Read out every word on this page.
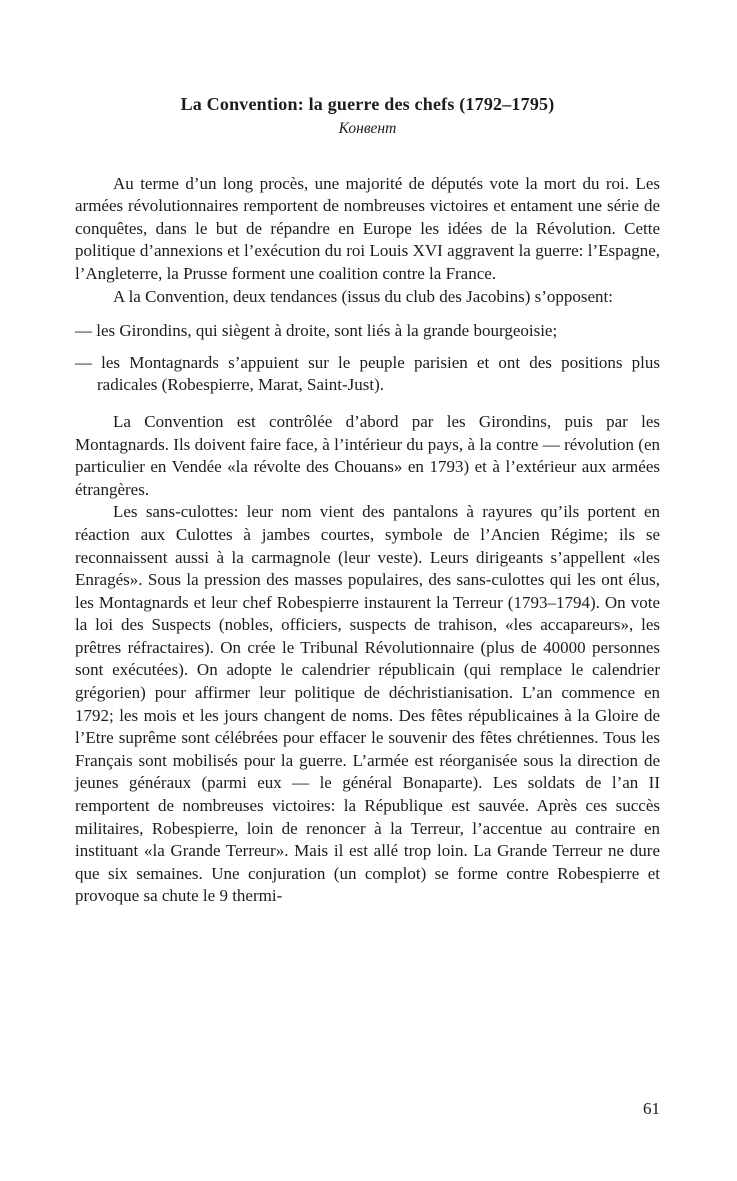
La Convention: la guerre des chefs (1792–1795)
Конвент

Au terme d’un long procès, une majorité de députés vote la mort du roi. Les armées révolutionnaires remportent de nombreuses victoires et entament une série de conquêtes, dans le but de répandre en Europe les idées de la Révolution. Cette politique d’annexions et l’exécution du roi Louis XVI aggravent la guerre: l’Espagne, l’Angleterre, la Prusse forment une coalition contre la France.

A la Convention, deux tendances (issus du club des Jacobins) s’opposent:

— les Girondins, qui siègent à droite, sont liés à la grande bourgeoisie;

— les Montagnards s’appuient sur le peuple parisien et ont des positions plus radicales (Robespierre, Marat, Saint-Just).

La Convention est contrôlée d’abord par les Girondins, puis par les Montagnards. Ils doivent faire face, à l’intérieur du pays, à la contre — révolution (en particulier en Vendée «la révolte des Chouans» en 1793) et à l’extérieur aux armées étrangères.

Les sans-culottes: leur nom vient des pantalons à rayures qu’ils portent en réaction aux Culottes à jambes courtes, symbole de l’Ancien Régime; ils se reconnaissent aussi à la carmagnole (leur veste). Leurs dirigeants s’appellent «les Enragés». Sous la pression des masses populaires, des sans-culottes qui les ont élus, les Montagnards et leur chef Robespierre instaurent la Terreur (1793–1794). On vote la loi des Suspects (nobles, officiers, suspects de trahison, «les accapareurs», les prêtres réfractaires). On crée le Tribunal Révolutionnaire (plus de 40000 personnes sont exécutées). On adopte le calendrier républicain (qui remplace le calendrier grégorien) pour affirmer leur politique de déchristianisation. L’an commence en 1792; les mois et les jours changent de noms. Des fêtes républicaines à la Gloire de l’Etre suprême sont célébrées pour effacer le souvenir des fêtes chrétiennes. Tous les Français sont mobilisés pour la guerre. L’armée est réorganisée sous la direction de jeunes généraux (parmi eux — le général Bonaparte). Les soldats de l’an II remportent de nombreuses victoires: la République est sauvée. Après ces succès militaires, Robespierre, loin de renoncer à la Terreur, l’accentue au contraire en instituant «la Grande Terreur». Mais il est allé trop loin. La Grande Terreur ne dure que six semaines. Une conjuration (un complot) se forme contre Robespierre et provoque sa chute le 9 thermi-

61
